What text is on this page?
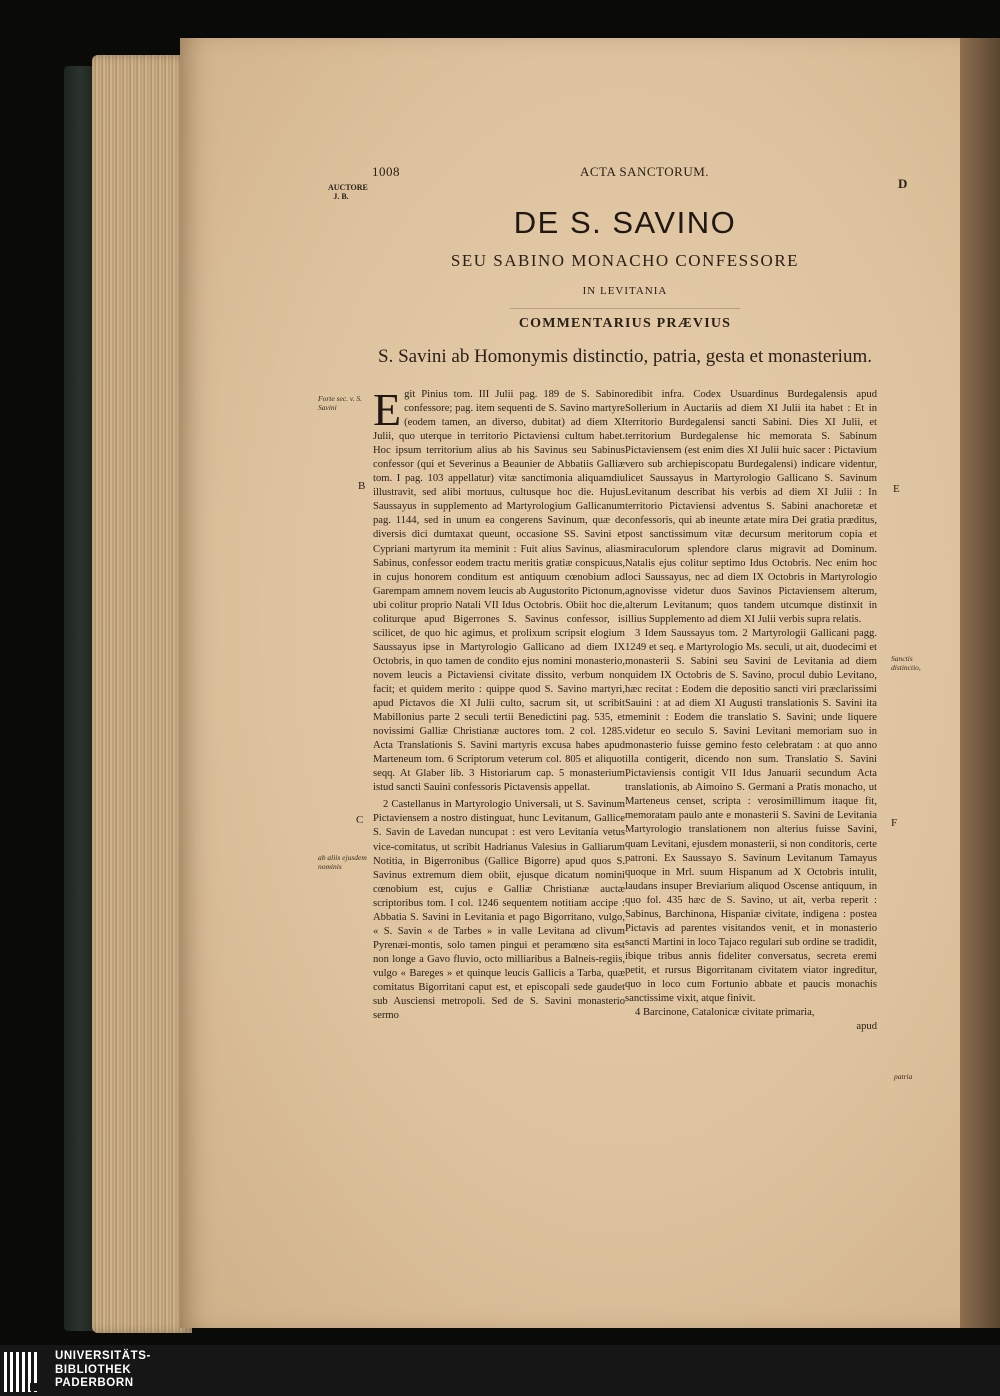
1008	ACTA SANCTORUM.
D
AUCTORE J. B.
DE S. SAVINO
SEU SABINO MONACHO CONFESSORE
IN LEVITANIA
COMMENTARIUS PRÆVIUS
S. Savini ab Homonymis distinctio, patria, gesta et monasterium.
Forte sec. v. S. Savini
ab aliis ejusdem nominis
Sanctis distinctio,
patria
B
C
E
F

Egit Pinius tom. III Julii pag. 189 de S. Sabino confessore; pag. item sequenti de S. Savino martyre (eodem tamen, an diverso, dubitat) ad diem XI Julii, quo uterque in territorio Pictaviensi cultum habet. Hoc ipsum territorium alius ab his Savinus seu Sabinus confessor (qui et Severinus a Beaunier de Abbatiis Galliæ tom. I pag. 103 appellatur) vitæ sanctimonia aliquamdiu illustravit, sed alibi mortuus, cultusque hoc die. Hujus Saussayus in supplemento ad Martyrologium Gallicanum pag. 1144, sed in unum ea congerens Savinum, quæ de diversis dici dumtaxat queunt, occasione SS. Savini et Cypriani martyrum ita meminit : Fuit alius Savinus, alias Sabinus, confessor eodem tractu meritis gratiæ conspicuus, in cujus honorem conditum est antiquum cœnobium ad Garempam amnem novem leucis ab Augustorito Pictonum, ubi colitur proprio Natali VII Idus Octobris. Obiit hoc die, coliturque apud Bigerrones S. Savinus confessor, is scilicet, de quo hic agimus, et prolixum scripsit elogium Saussayus ipse in Martyrologio Gallicano ad diem IX Octobris, in quo tamen de condito ejus nomini monasterio, novem leucis a Pictaviensi civitate dissito, verbum non facit; et quidem merito : quippe quod S. Savino martyri, apud Pictavos die XI Julii culto, sacrum sit, ut scribit Mabillonius parte 2 seculi tertii Benedictini pag. 535, et novissimi Galliæ Christianæ auctores tom. 2 col. 1285. Acta Translationis S. Savini martyris excusa habes apud Marteneum tom. 6 Scriptorum veterum col. 805 et aliquot seqq. At Glaber lib. 3 Historiarum cap. 5 monasterium istud sancti Sauini confessoris Pictavensis appellat.

2 Castellanus in Martyrologio Universali, ut S. Savinum Pictaviensem a nostro distinguat, hunc Levitanum, Gallice S. Savin de Lavedan nuncupat : est vero Levitania vetus vice-comitatus, ut scribit Hadrianus Valesius in Galliarum Notitia, in Bigerronibus (Gallice Bigorre) apud quos S. Savinus extremum diem obiit, ejusque dicatum nomini cœnobium est, cujus e Galliæ Christianæ auctæ scriptoribus tom. I col. 1246 sequentem notitiam accipe : Abbatia S. Savini in Levitania et pago Bigorritano, vulgo, « S. Savin « de Tarbes » in valle Levitana ad clivum Pyrenæi-montis, solo tamen pingui et peramœno sita est non longe a Gavo fluvio, octo milliaribus a Balneis-regiis, vulgo « Bareges » et quinque leucis Gallicis a Tarba, quæ comitatus Bigorritani caput est, et episcopali sede gaudet sub Ausciensi metropoli. Sed de S. Savini monasterio sermo

redibit infra. Codex Usuardinus Burdegalensis apud Sollerium in Auctariis ad diem XI Julii ita habet : Et in territorio Burdegalensi sancti Sabini. Dies XI Julii, et territorium Burdegalense hic memorata S. Sabinum Pictaviensem (est enim dies XI Julii huic sacer : Pictavium vero sub archiepiscopatu Burdegalensi) indicare videntur, licet Saussayus in Martyrologio Gallicano S. Savinum Levitanum describat his verbis ad diem XI Julii : In territorio Pictaviensi adventus S. Sabini anachoretæ et confessoris, qui ab ineunte ætate mira Dei gratia præditus, post sanctissimum vitæ decursum meritorum copia et miraculorum splendore clarus migravit ad Dominum. Natalis ejus colitur septimo Idus Octobris. Nec enim hoc loci Saussayus, nec ad diem IX Octobris in Martyrologio agnovisse videtur duos Savinos Pictaviensem alterum, alterum Levitanum; quos tandem utcumque distinxit in illius Supplemento ad diem XI Julii verbis supra relatis.

3 Idem Saussayus tom. 2 Martyrologii Gallicani pagg. 1249 et seq. e Martyrologio Ms. seculi, ut ait, duodecimi et monasterii S. Sabini seu Savini de Levitania ad diem quidem IX Octobris de S. Savino, procul dubio Levitano, hæc recitat : Eodem die depositio sancti viri præclarissimi Sauini : at ad diem XI Augusti translationis S. Savini ita meminit : Eodem die translatio S. Savini; unde liquere videtur eo seculo S. Savini Levitani memoriam suo in monasterio fuisse gemino festo celebratam : at quo anno illa contigerit, dicendo non sum. Translatio S. Savini Pictaviensis contigit VII Idus Januarii secundum Acta translationis, ab Aimoino S. Germani a Pratis monacho, ut Marteneus censet, scripta : verosimillimum itaque fit, memoratam paulo ante e monasterii S. Savini de Levitania Martyrologio translationem non alterius fuisse Savini, quam Levitani, ejusdem monasterii, si non conditoris, certe patroni. Ex Saussayo S. Savinum Levitanum Tamayus quoque in Mrl. suum Hispanum ad X Octobris intulit, laudans insuper Breviarium aliquod Oscense antiquum, in quo fol. 435 hæc de S. Savino, ut ait, verba reperit : Sabinus, Barchinona, Hispaniæ civitate, indigena : postea Pictavis ad parentes visitandos venit, et in monasterio sancti Martini in loco Tajaco regulari sub ordine se tradidit, ibique tribus annis fideliter conversatus, secreta eremi petit, et rursus Bigorritanam civitatem viator ingreditur, quo in loco cum Fortunio abbate et paucis monachis sanctissime vixit, atque finivit.

4 Barcinone, Catalonicæ civitate primaria,

apud

UNIVERSITÄTS-
BIBLIOTHEK
PADERBORN
